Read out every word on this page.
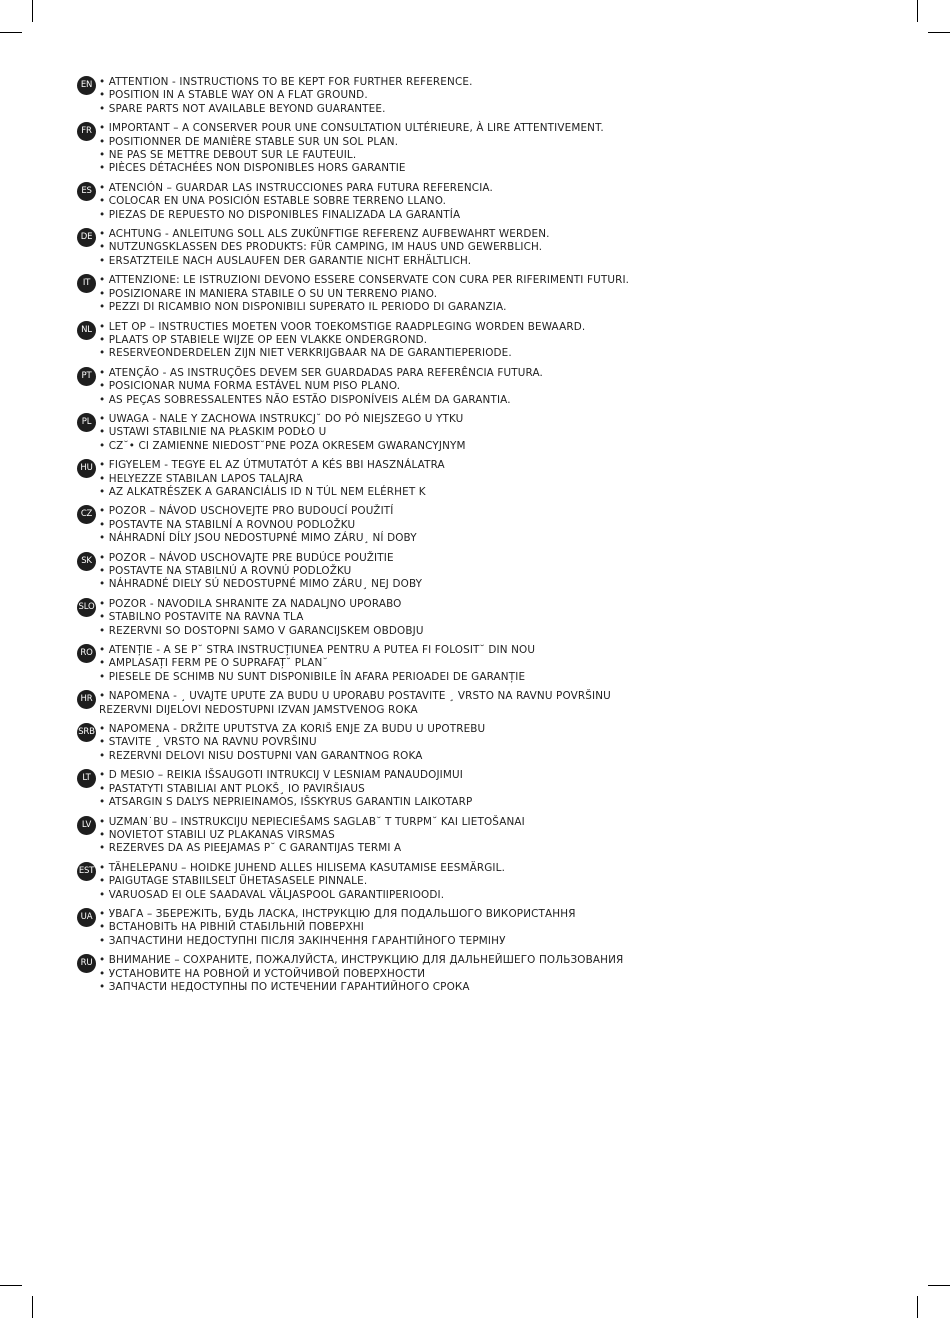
EN • ATTENTION - INSTRUCTIONS TO BE KEPT FOR FURTHER REFERENCE.
• POSITION IN A STABLE WAY ON A FLAT GROUND.
• SPARE PARTS NOT AVAILABLE BEYOND GUARANTEE.
FR • IMPORTANT – A CONSERVER POUR UNE CONSULTATION ULTÉRIEURE, À LIRE ATTENTIVEMENT.
• POSITIONNER DE MANIÈRE STABLE SUR UN SOL PLAN.
• NE PAS SE METTRE DEBOUT SUR LE FAUTEUIL.
• PIÈCES DÉTACHÉES NON DISPONIBLES HORS GARANTIE
ES • ATENCIÓN – GUARDAR LAS INSTRUCCIONES PARA FUTURA REFERENCIA.
• COLOCAR EN UNA POSICIÓN ESTABLE SOBRE TERRENO LLANO.
• PIEZAS DE REPUESTO NO DISPONIBLES FINALIZADA LA GARANTÍA
DE • ACHTUNG - ANLEITUNG SOLL ALS ZUKÜNFTIGE REFERENZ AUFBEWAHRT WERDEN.
• NUTZUNGSKLASSEN DES PRODUKTS: FÜR CAMPING, IM HAUS UND GEWERBLICH.
• ERSATZTEILE NACH AUSLAUFEN DER GARANTIE NICHT ERHÄLTLICH.
IT • ATTENZIONE: LE ISTRUZIONI DEVONO ESSERE CONSERVATE CON CURA PER RIFERIMENTI FUTURI.
• POSIZIONARE IN MANIERA STABILE O SU UN TERRENO PIANO.
• PEZZI DI RICAMBIO NON DISPONIBILI SUPERATO IL PERIODO DI GARANZIA.
NL • LET OP – INSTRUCTIES MOETEN VOOR TOEKOMSTIGE RAADPLEGING WORDEN BEWAARD.
• PLAATS OP STABIELE WIJZE OP EEN VLAKKE ONDERGROND.
• RESERVEONDERDELEN ZIJN NIET VERKRIJGBAAR NA DE GARANTIEPERIODE.
PT • ATENÇÃO - AS INSTRUÇÕES DEVEM SER GUARDADAS PARA REFERÊNCIA FUTURA.
• POSICIONAR NUMA FORMA ESTÁVEL NUM PISO PLANO.
• AS PEÇAS SOBRESSALENTES NÃO ESTÃO DISPONÍVEIS ALÉM DA GARANTIA.
PL • UWAGA - NALE Y ZACHOWA INSTRUKCJ˘ DO PÓ NIEJSZEGO U YTKU
• USTAWI STABILNIE NA PŁASKIM PODŁO U
• CZ˘• CI ZAMIENNE NIEDOST˘PNE POZA OKRESEM GWARANCYJNYM
HU • FIGYELEM - TEGYE EL AZ ÚTMUTATÓT A KÉS BBI HASZNÁLATRA
• HELYEZZE STABILAN LAPOS TALAJRA
• AZ ALKATRÉSZEK A GARANCIÁLIS ID N TÚL NEM ELÉRHET K
CZ • POZOR – NÁVOD USCHOVEJTE PRO BUDOUCÍ POUŽITÍ
• POSTAVTE NA STABILNÍ A ROVNOU PODLOŽKU
• NÁHRADNÍ DÍLY JSOU NEDOSTUPNÉ MIMO ZÁRU¸ NÍ DOBY
SK • POZOR – NÁVOD USCHOVAJTE PRE BUDÚCE POUŽITIE
• POSTAVTE NA STABILNÚ A ROVNÚ PODLOŽKU
• NÁHRADNÉ DIELY SÚ NEDOSTUPNÉ MIMO ZÁRU¸ NEJ DOBY
SLO • POZOR - NAVODILA SHRANITE ZA NADALJNO UPORABO
• STABILNO POSTAVITE NA RAVNA TLA
• REZERVNI SO DOSTOPNI SAMO V GARANCIJSKEM OBDOBJU
RO • ATENȚIE - A SE P˘ STRA INSTRUCȚIUNEA PENTRU A PUTEA FI FOLOSIT˘ DIN NOU
• AMPLASAȚI FERM PE O SUPRAFAȚ˘ PLAN˘
• PIESELE DE SCHIMB NU SUNT DISPONIBILE ÎN AFARA PERIOADEI DE GARANȚIE
HR • NAPOMENA - ¸ UVAJTE UPUTE ZA BUDU U UPORABU POSTAVITE ¸ VRSTO NA RAVNU POVRŠINU
REZERVNI DIJELOVI NEDOSTUPNI IZVAN JAMSTVENOG ROKA
SRB • NAPOMENA - DRŽITE UPUTSTVA ZA KORIŠ ENJE ZA BUDU U UPOTREBU
• STAVITE ¸ VRSTO NA RAVNU POVRŠINU
• REZERVNI DELOVI NISU DOSTUPNI VAN GARANTNOG ROKA
LT • D MESIO – REIKIA IŠSAUGOTI INTRUKCIJ V LESNIAM PANAUDOJIMUI
• PASTATYTI STABILIAI ANT PLOKŠ¸ IO PAVIRŠIAUS
• ATSARGIN S DALYS NEPRIEINAMOS, IŠSKYRUS GARANTIN LAIKOTARP
LV • UZMAN˙BU – INSTRUKCIJU NEPIECIEŠAMS SAGLAB˘ T TURPM˘ KAI LIETOŠANAI
• NOVIETOT STABILI UZ PLAKANAS VIRSMAS
• REZERVES DA AS PIEEJAMAS P˘ C GARANTIJAS TERMI A
EST • TÄHELEPANU – HOIDKE JUHEND ALLES HILISEMA KASUTAMISE EESMÄRGIL.
• PAIGUTAGE STABIILSELT ÜHETASASELE PINNALE.
• VARUOSAD EI OLE SAADAVAL VÄLJASPOOL GARANTIIPERIOODI.
UA • УВАГА – ЗБЕРЕЖІТЬ, БУДЬ ЛАСКА, ІНСТРУКЦІЮ ДЛЯ ПОДАЛЬШОГО ВИКОРИСТАННЯ
• ВСТАНОВІТЬ НА РІВНІЙ СТАБІЛЬНІЙ ПОВЕРХНІ
• ЗАПЧАСТИНИ НЕДОСТУПНІ ПІСЛЯ ЗАКІНЧЕННЯ ГАРАНТІЙНОГО ТЕРМІНУ
RU • ВНИМАНИЕ – СОХРАНИТЕ, ПОЖАЛУЙСТА, ИНСТРУКЦИЮ ДЛЯ ДАЛЬНЕЙШЕГО ПОЛЬЗОВАНИЯ
• УСТАНОВИТЕ НА РОВНОЙ И УСТОЙЧИВОЙ ПОВЕРХНОСТИ
• ЗАПЧАСТИ НЕДОСТУПНЫ ПО ИСТЕЧЕНИИ ГАРАНТИЙНОГО СРОКА
